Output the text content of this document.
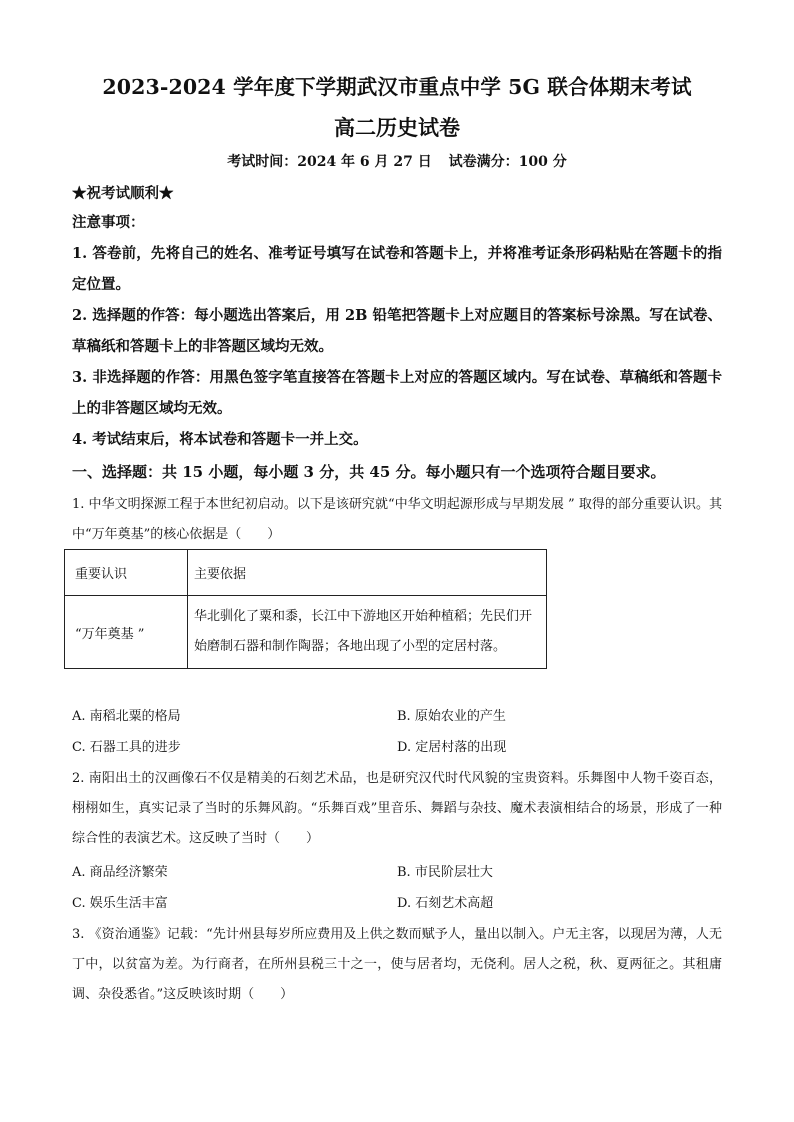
2023-2024 学年度下学期武汉市重点中学 5G 联合体期末考试
高二历史试卷
考试时间：2024 年 6 月 27 日 试卷满分：100 分
★祝考试顺利★
注意事项：
1. 答卷前，先将自己的姓名、准考证号填写在试卷和答题卡上，并将准考证条形码粘贴在答题卡的指定位置。
2. 选择题的作答：每小题选出答案后，用 2B 铅笔把答题卡上对应题目的答案标号涂黑。写在试卷、草稿纸和答题卡上的非答题区域均无效。
3. 非选择题的作答：用黑色签字笔直接答在答题卡上对应的答题区域内。写在试卷、草稿纸和答题卡上的非答题区域均无效。
4. 考试结束后，将本试卷和答题卡一并上交。
一、选择题：共 15 小题，每小题 3 分，共 45 分。每小题只有一个选项符合题目要求。
1. 中华文明探源工程于本世纪初启动。以下是该研究就“中华文明起源形成与早期发展 ” 取得的部分重要认识。其中“万年奠基”的核心依据是（　　）
重要认识	主要依据
“万年奠基 ”	华北驯化了粟和黍，长江中下游地区开始种植稻；先民们开始磨制石器和制作陶器；各地出现了小型的定居村落。
A. 南稻北粟的格局	B. 原始农业的产生
C. 石器工具的进步	D. 定居村落的出现
2. 南阳出土的汉画像石不仅是精美的石刻艺术品，也是研究汉代时代风貌的宝贵资料。乐舞图中人物千姿百态，栩栩如生，真实记录了当时的乐舞风韵。“乐舞百戏”里音乐、舞蹈与杂技、魔术表演相结合的场景，形成了一种综合性的表演艺术。这反映了当时（　　）
A. 商品经济繁荣	B. 市民阶层壮大
C. 娱乐生活丰富	D. 石刻艺术高超
3. 《资治通鉴》记载：“先计州县每岁所应费用及上供之数而赋予人，量出以制入。户无主客，以现居为薄，人无丁中，以贫富为差。为行商者，在所州县税三十之一，使与居者均，无侥利。居人之税，秋、夏两征之。其租庸调、杂役悉省。”这反映该时期（　　）
